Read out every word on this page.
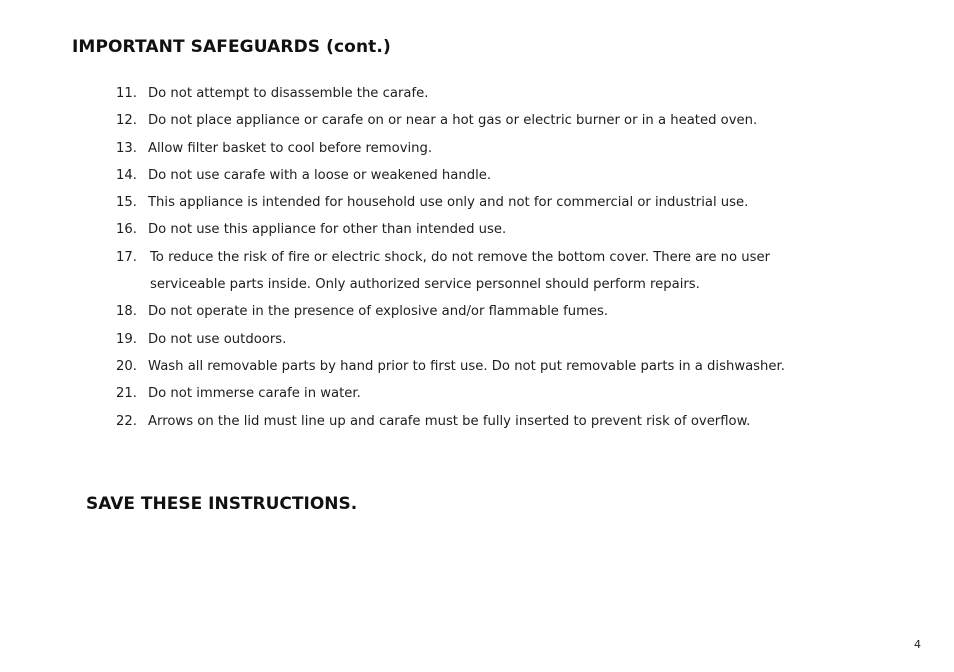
IMPORTANT SAFEGUARDS (cont.)
11. Do not attempt to disassemble the carafe.
12. Do not place appliance or carafe on or near a hot gas or electric burner or in a heated oven.
13. Allow filter basket to cool before removing.
14. Do not use carafe with a loose or weakened handle.
15. This appliance is intended for household use only and not for commercial or industrial use.
16. Do not use this appliance for other than intended use.
17. To reduce the risk of fire or electric shock, do not remove the bottom cover. There are no user
serviceable parts inside. Only authorized service personnel should perform repairs.
18. Do not operate in the presence of explosive and/or flammable fumes.
19. Do not use outdoors.
20. Wash all removable parts by hand prior to first use. Do not put removable parts in a dishwasher.
21. Do not immerse carafe in water.
22. Arrows on the lid must line up and carafe must be fully inserted to prevent risk of overflow.
SAVE THESE INSTRUCTIONS.
4
